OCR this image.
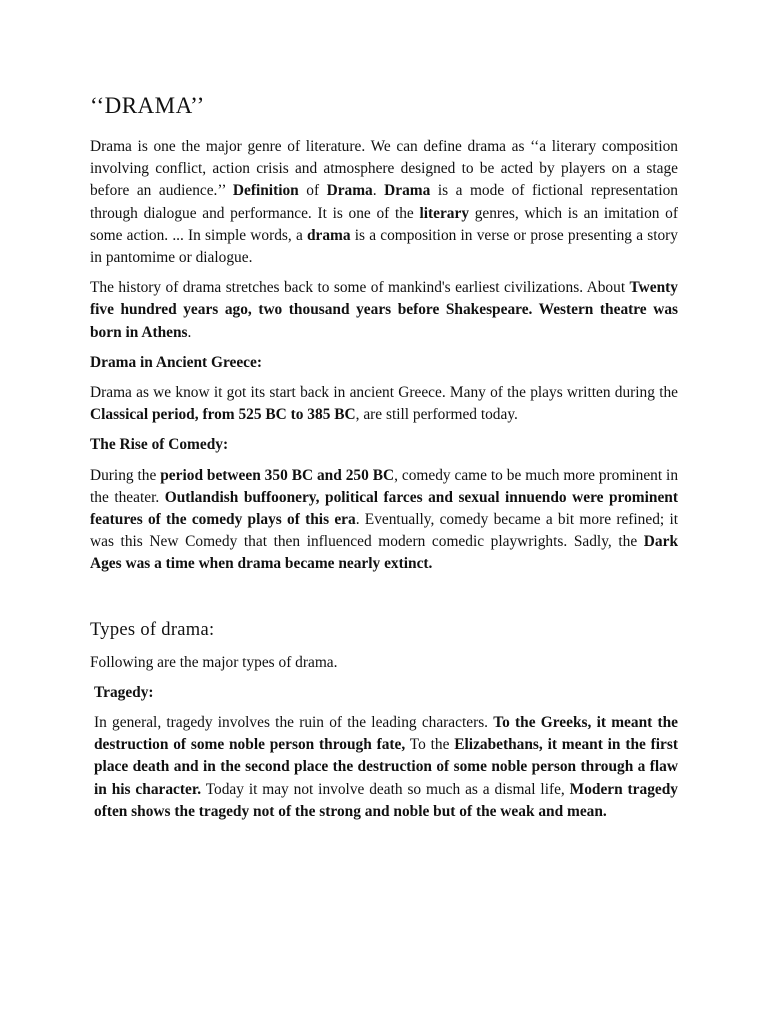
‘‘DRAMA’’

Drama is one the major genre of literature. We can define drama as ‘‘a literary composition involving conflict, action crisis and atmosphere designed to be acted by players on a stage before an audience.’’ Definition of Drama. Drama is a mode of fictional representation through dialogue and performance. It is one of the literary genres, which is an imitation of some action. ... In simple words, a drama is a composition in verse or prose presenting a story in pantomime or dialogue.

The history of drama stretches back to some of mankind's earliest civilizations. About Twenty five hundred years ago, two thousand years before Shakespeare. Western theatre was born in Athens.

Drama in Ancient Greece:

Drama as we know it got its start back in ancient Greece. Many of the plays written during the Classical period, from 525 BC to 385 BC, are still performed today.

The Rise of Comedy:

During the period between 350 BC and 250 BC, comedy came to be much more prominent in the theater. Outlandish buffoonery, political farces and sexual innuendo were prominent features of the comedy plays of this era. Eventually, comedy became a bit more refined; it was this New Comedy that then influenced modern comedic playwrights. Sadly, the Dark Ages was a time when drama became nearly extinct.

Types of drama:

Following are the major types of drama.

Tragedy:

In general, tragedy involves the ruin of the leading characters. To the Greeks, it meant the destruction of some noble person through fate, To the Elizabethans, it meant in the first place death and in the second place the destruction of some noble person through a flaw in his character. Today it may not involve death so much as a dismal life, Modern tragedy often shows the tragedy not of the strong and noble but of the weak and mean.
